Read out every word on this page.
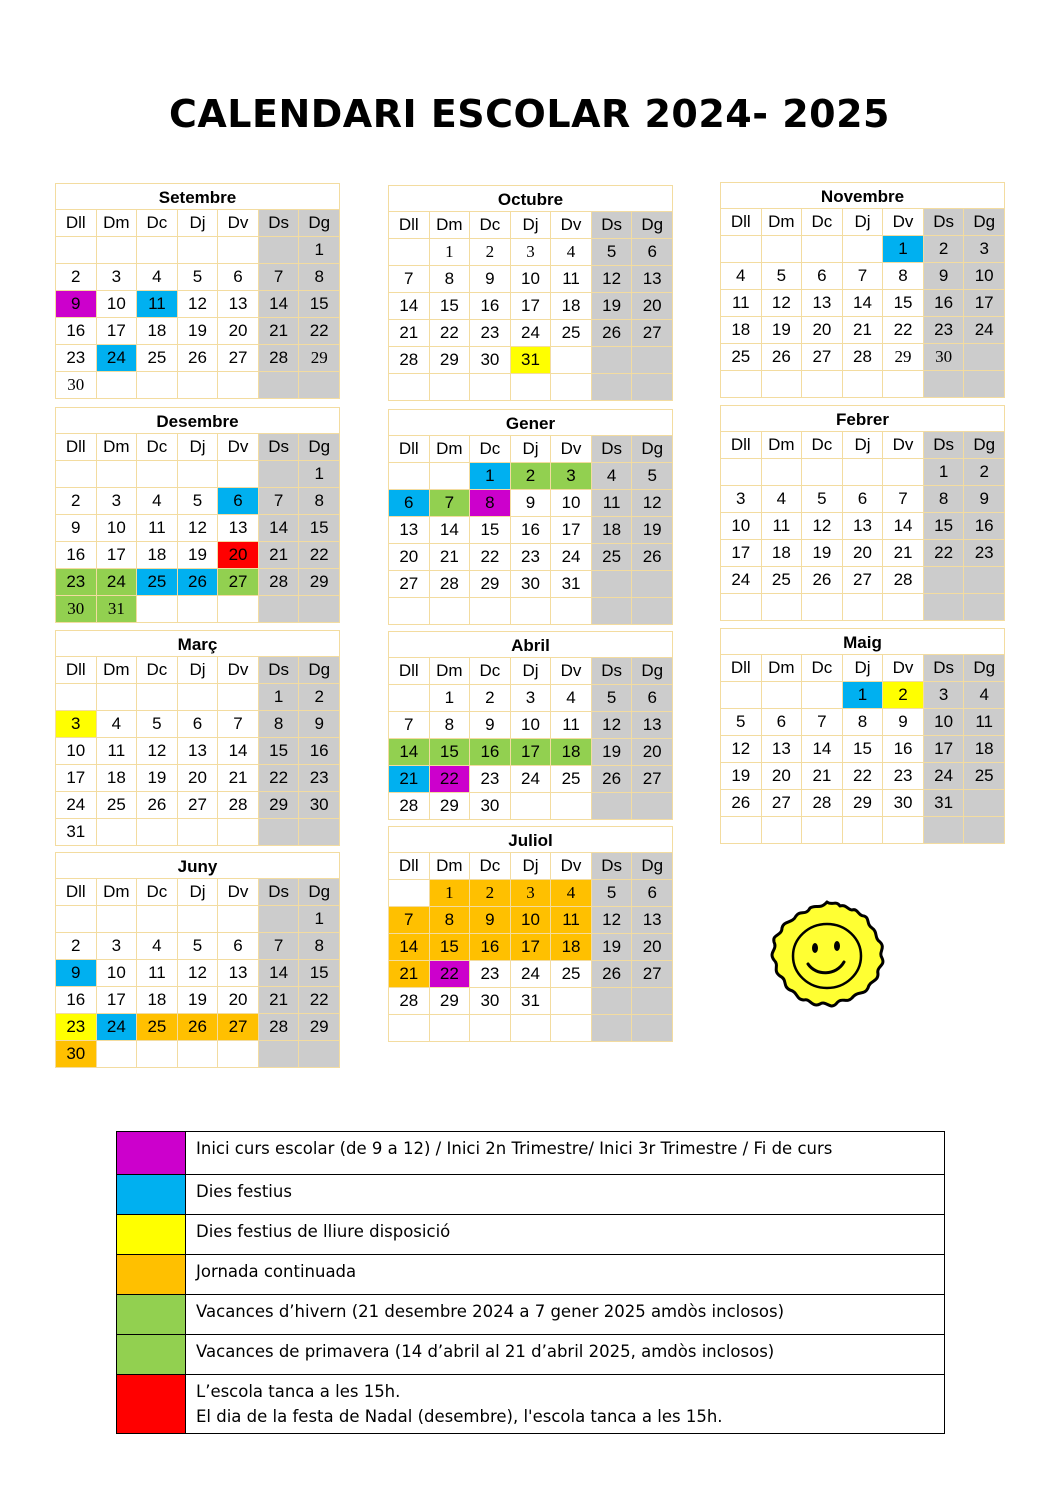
CALENDARI ESCOLAR 2024- 2025
Setembre
Dll	Dm	Dc	Dj	Dv	Ds	Dg
						1
2	3	4	5	6	7	8
9	10	11	12	13	14	15
16	17	18	19	20	21	22
23	24	25	26	27	28	29
30						
Octubre
Dll	Dm	Dc	Dj	Dv	Ds	Dg
	1	2	3	4	5	6
7	8	9	10	11	12	13
14	15	16	17	18	19	20
21	22	23	24	25	26	27
28	29	30	31			

Novembre
Dll	Dm	Dc	Dj	Dv	Ds	Dg
				1	2	3
4	5	6	7	8	9	10
11	12	13	14	15	16	17
18	19	20	21	22	23	24
25	26	27	28	29	30	

Desembre
Dll	Dm	Dc	Dj	Dv	Ds	Dg
						1
2	3	4	5	6	7	8
9	10	11	12	13	14	15
16	17	18	19	20	21	22
23	24	25	26	27	28	29
30	31					
Gener
Dll	Dm	Dc	Dj	Dv	Ds	Dg
		1	2	3	4	5
6	7	8	9	10	11	12
13	14	15	16	17	18	19
20	21	22	23	24	25	26
27	28	29	30	31		

Febrer
Dll	Dm	Dc	Dj	Dv	Ds	Dg
					1	2
3	4	5	6	7	8	9
10	11	12	13	14	15	16
17	18	19	20	21	22	23
24	25	26	27	28		

Març
Dll	Dm	Dc	Dj	Dv	Ds	Dg
					1	2
3	4	5	6	7	8	9
10	11	12	13	14	15	16
17	18	19	20	21	22	23
24	25	26	27	28	29	30
31						
Abril
Dll	Dm	Dc	Dj	Dv	Ds	Dg
	1	2	3	4	5	6
7	8	9	10	11	12	13
14	15	16	17	18	19	20
21	22	23	24	25	26	27
28	29	30				
Maig
Dll	Dm	Dc	Dj	Dv	Ds	Dg
			1	2	3	4
5	6	7	8	9	10	11
12	13	14	15	16	17	18
19	20	21	22	23	24	25
26	27	28	29	30	31	

Juny
Dll	Dm	Dc	Dj	Dv	Ds	Dg
						1
2	3	4	5	6	7	8
9	10	11	12	13	14	15
16	17	18	19	20	21	22
23	24	25	26	27	28	29
30						
Juliol
Dll	Dm	Dc	Dj	Dv	Ds	Dg
	1	2	3	4	5	6
7	8	9	10	11	12	13
14	15	16	17	18	19	20
21	22	23	24	25	26	27
28	29	30	31			

	Inici curs escolar (de 9 a 12) / Inici 2n Trimestre/ Inici 3r Trimestre / Fi de curs

	Dies festius

	Dies festius de lliure disposició

	Jornada continuada

	Vacances d’hivern (21 desembre 2024 a 7 gener 2025 amdòs inclosos)

	Vacances de primavera (14 d’abril al 21 d’abril 2025, amdòs inclosos)

	L’escola tanca a les 15h.
El dia de la festa de Nadal (desembre), l'escola tanca a les 15h.
